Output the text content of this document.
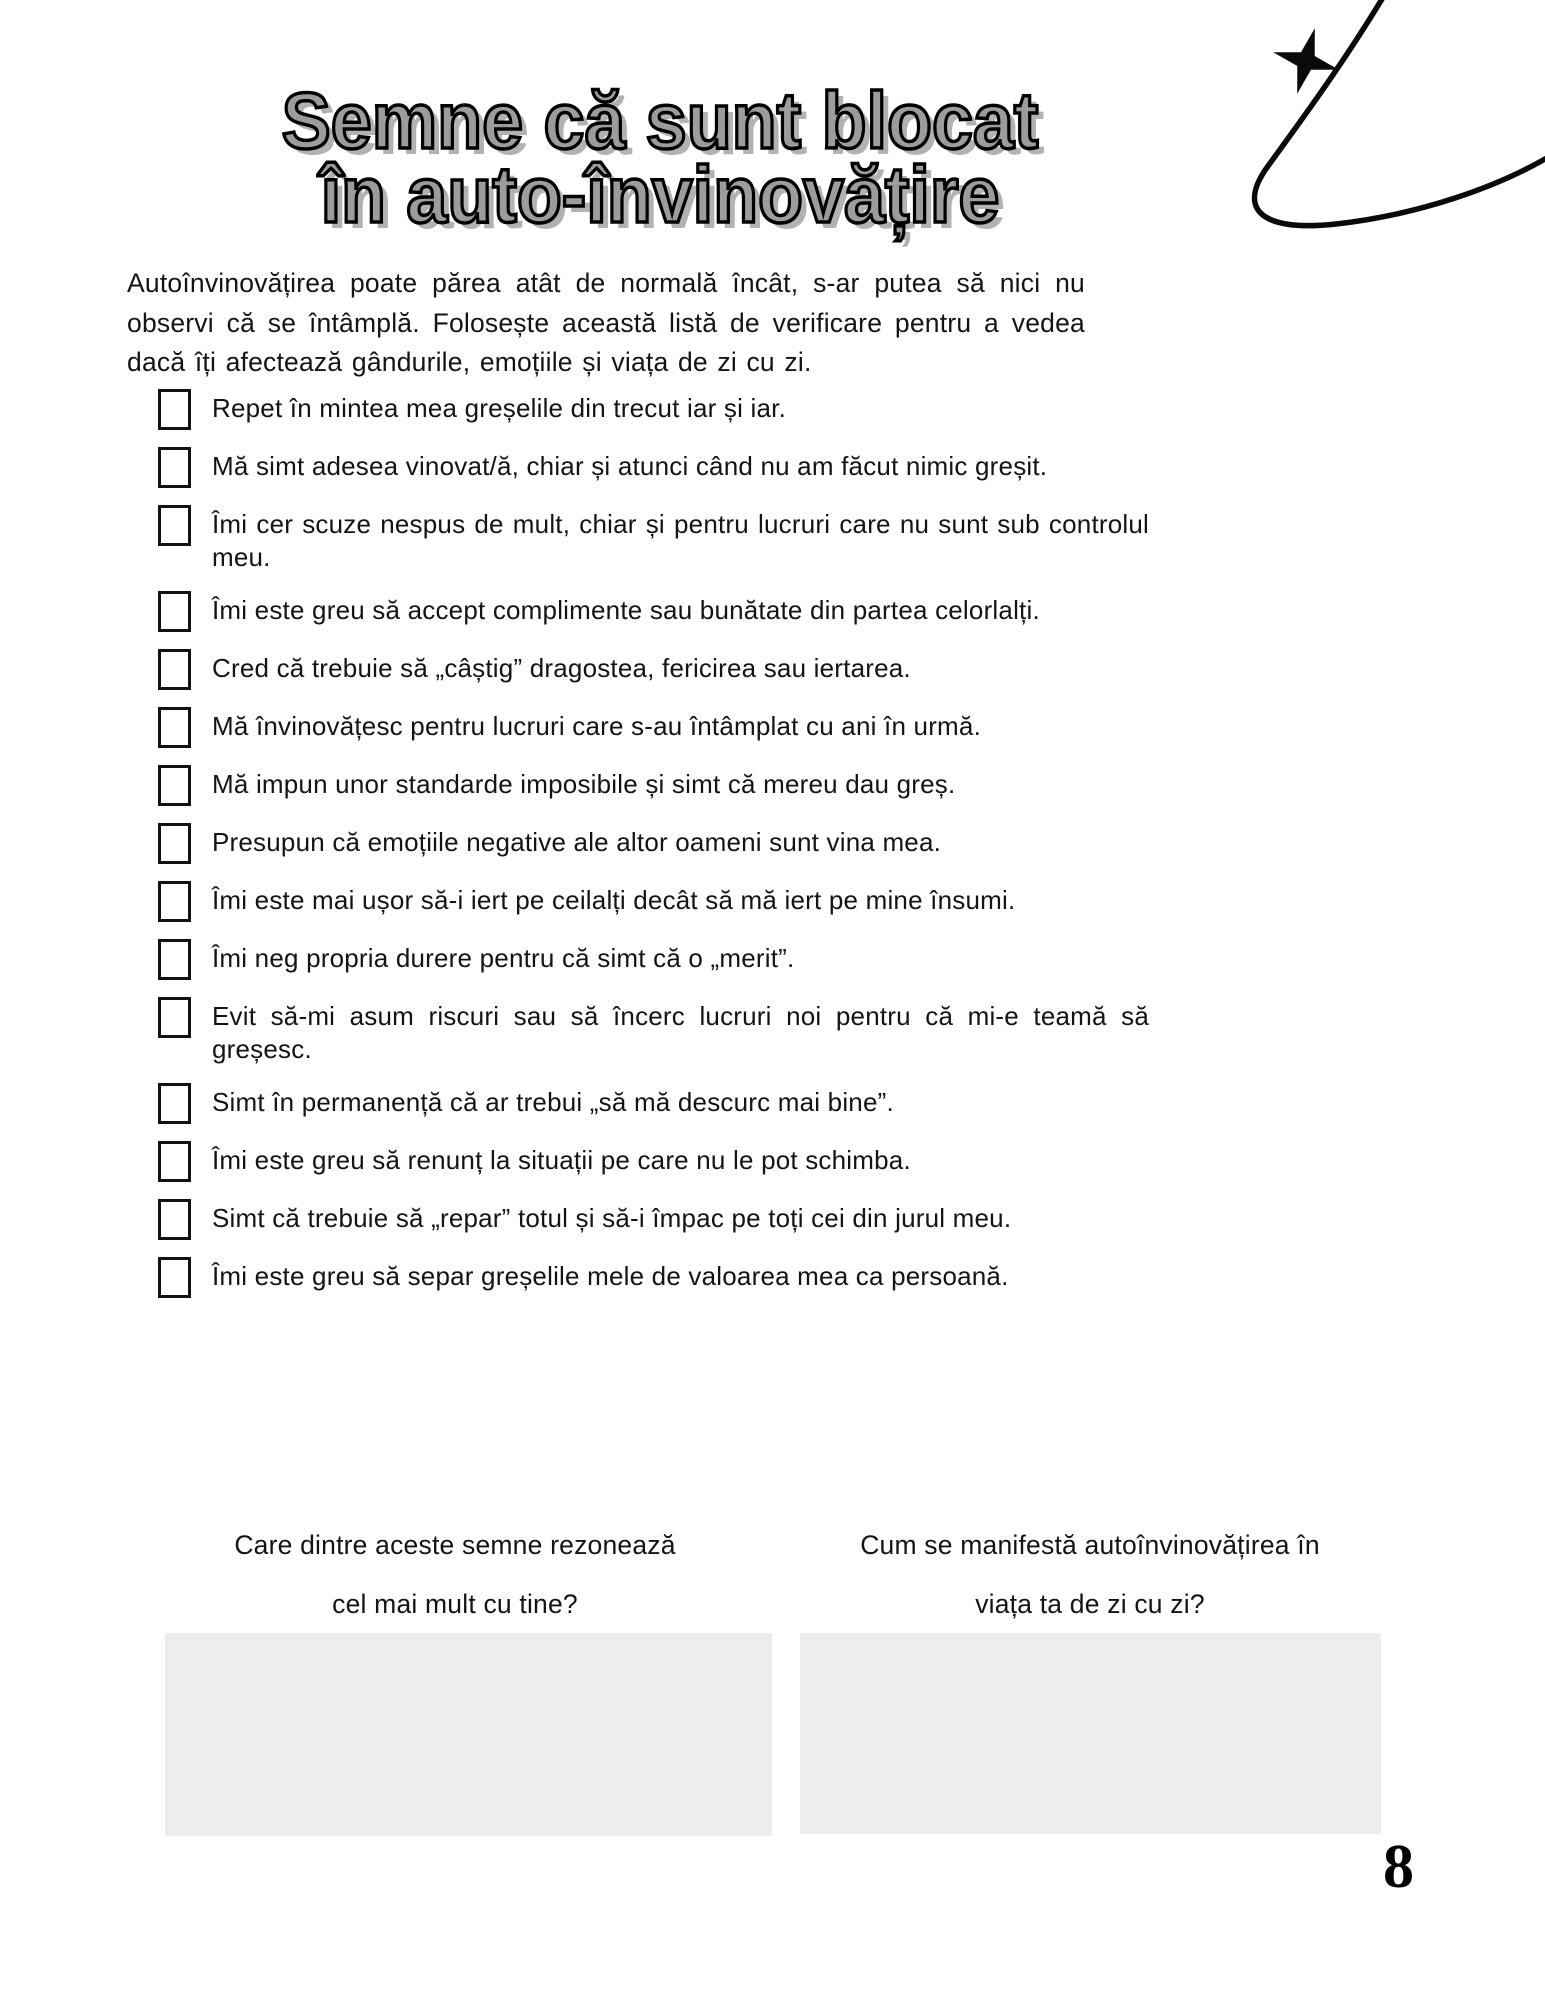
Semne că sunt blocat
în auto-învinovățire
Autoînvinovățirea poate părea atât de normală încât, s-ar putea să nici nu observi că se întâmplă. Folosește această listă de verificare pentru a vedea dacă îți afectează gândurile, emoțiile și viața de zi cu zi.
Repet în mintea mea greșelile din trecut iar și iar.
Mă simt adesea vinovat/ă, chiar și atunci când nu am făcut nimic greșit.
Îmi cer scuze nespus de mult, chiar și pentru lucruri care nu sunt sub controlul meu.
Îmi este greu să accept complimente sau bunătate din partea celorlalți.
Cred că trebuie să „câștig” dragostea, fericirea sau iertarea.
Mă învinovățesc pentru lucruri care s-au întâmplat cu ani în urmă.
Mă impun unor standarde imposibile și simt că mereu dau greș.
Presupun că emoțiile negative ale altor oameni sunt vina mea.
Îmi este mai ușor să-i iert pe ceilalți decât să mă iert pe mine însumi.
Îmi neg propria durere pentru că simt că o „merit”.
Evit să-mi asum riscuri sau să încerc lucruri noi pentru că mi-e teamă să greșesc.
Simt în permanență că ar trebui „să mă descurc mai bine”.
Îmi este greu să renunț la situații pe care nu le pot schimba.
Simt că trebuie să „repar” totul și să-i împac pe toți cei din jurul meu.
Îmi este greu să separ greșelile mele de valoarea mea ca persoană.
Care dintre aceste semne rezonează
cel mai mult cu tine?
Cum se manifestă autoînvinovățirea în
viața ta de zi cu zi?
8
